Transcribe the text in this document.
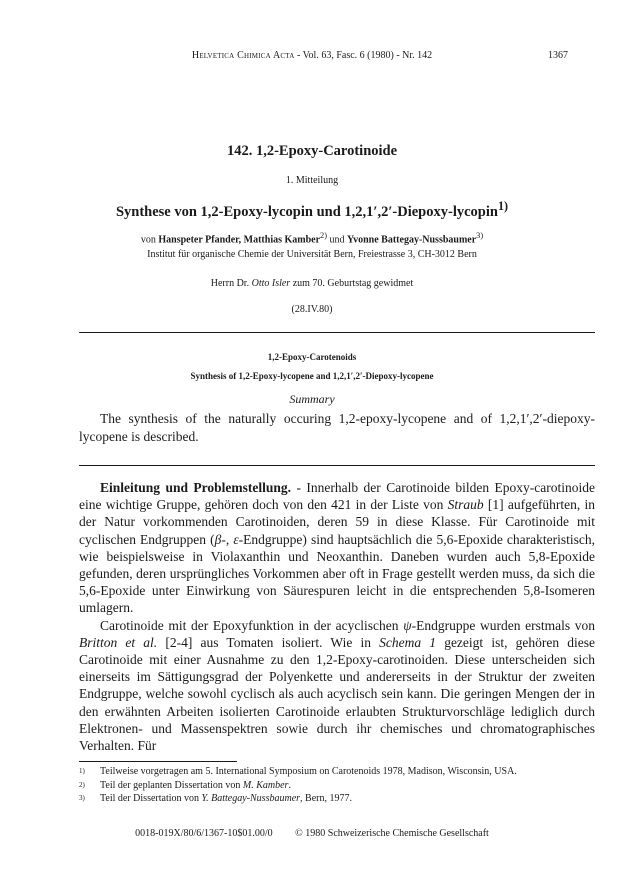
Helvetica Chimica Acta - Vol. 63, Fasc. 6 (1980) - Nr. 142	1367
142. 1,2-Epoxy-Carotinoide
1. Mitteilung
Synthese von 1,2-Epoxy-lycopin und 1,2,1′,2′-Diepoxy-lycopin$^{1)}$
von Hanspeter Pfander, Matthias Kamber$^{2)}$ und Yvonne Battegay-Nussbaumer$^{3)}$
Institut für organische Chemie der Universität Bern, Freiestrasse 3, CH-3012 Bern
Herrn Dr. Otto Isler zum 70. Geburtstag gewidmet
(28.IV.80)
1,2-Epoxy-Carotenoids
Synthesis of 1,2-Epoxy-lycopene and 1,2,1′,2′-Diepoxy-lycopene
Summary

The synthesis of the naturally occuring 1,2-epoxy-lycopene and of 1,2,1′,2′-diepoxy-lycopene is described.

Einleitung und Problemstellung. - Innerhalb der Carotinoide bilden Epoxy-carotinoide eine wichtige Gruppe, gehören doch von den 421 in der Liste von Straub [1] aufgeführten, in der Natur vorkommenden Carotinoiden, deren 59 in diese Klasse. Für Carotinoide mit cyclischen Endgruppen (β-, ε-Endgruppe) sind hauptsächlich die 5,6-Epoxide charakteristisch, wie beispielsweise in Violaxanthin und Neoxanthin. Daneben wurden auch 5,8-Epoxide gefunden, deren ursprüngliches Vorkommen aber oft in Frage gestellt werden muss, da sich die 5,6-Epoxide unter Einwirkung von Säurespuren leicht in die entsprechenden 5,8-Isomeren umlagern.

Carotinoide mit der Epoxyfunktion in der acyclischen ψ-Endgruppe wurden erstmals von Britton et al. [2-4] aus Tomaten isoliert. Wie in Schema 1 gezeigt ist, gehören diese Carotinoide mit einer Ausnahme zu den 1,2-Epoxy-carotinoiden. Diese unterscheiden sich einerseits im Sättigungsgrad der Polyenkette und andererseits in der Struktur der zweiten Endgruppe, welche sowohl cyclisch als auch acyclisch sein kann. Die geringen Mengen der in den erwähnten Arbeiten isolierten Carotinoide erlaubten Strukturvorschläge lediglich durch Elektronen- und Massenspektren sowie durch ihr chemisches und chromatographisches Verhalten. Für

$^{1)}$ Teilweise vorgetragen am 5. International Symposium on Carotenoids 1978, Madison, Wisconsin, USA.
$^{2)}$ Teil der geplanten Dissertation von M. Kamber.
$^{3)}$ Teil der Dissertation von Y. Battegay-Nussbaumer, Bern, 1977.
0018-019X/80/6/1367-10$01.00/0 © 1980 Schweizerische Chemische Gesellschaft
